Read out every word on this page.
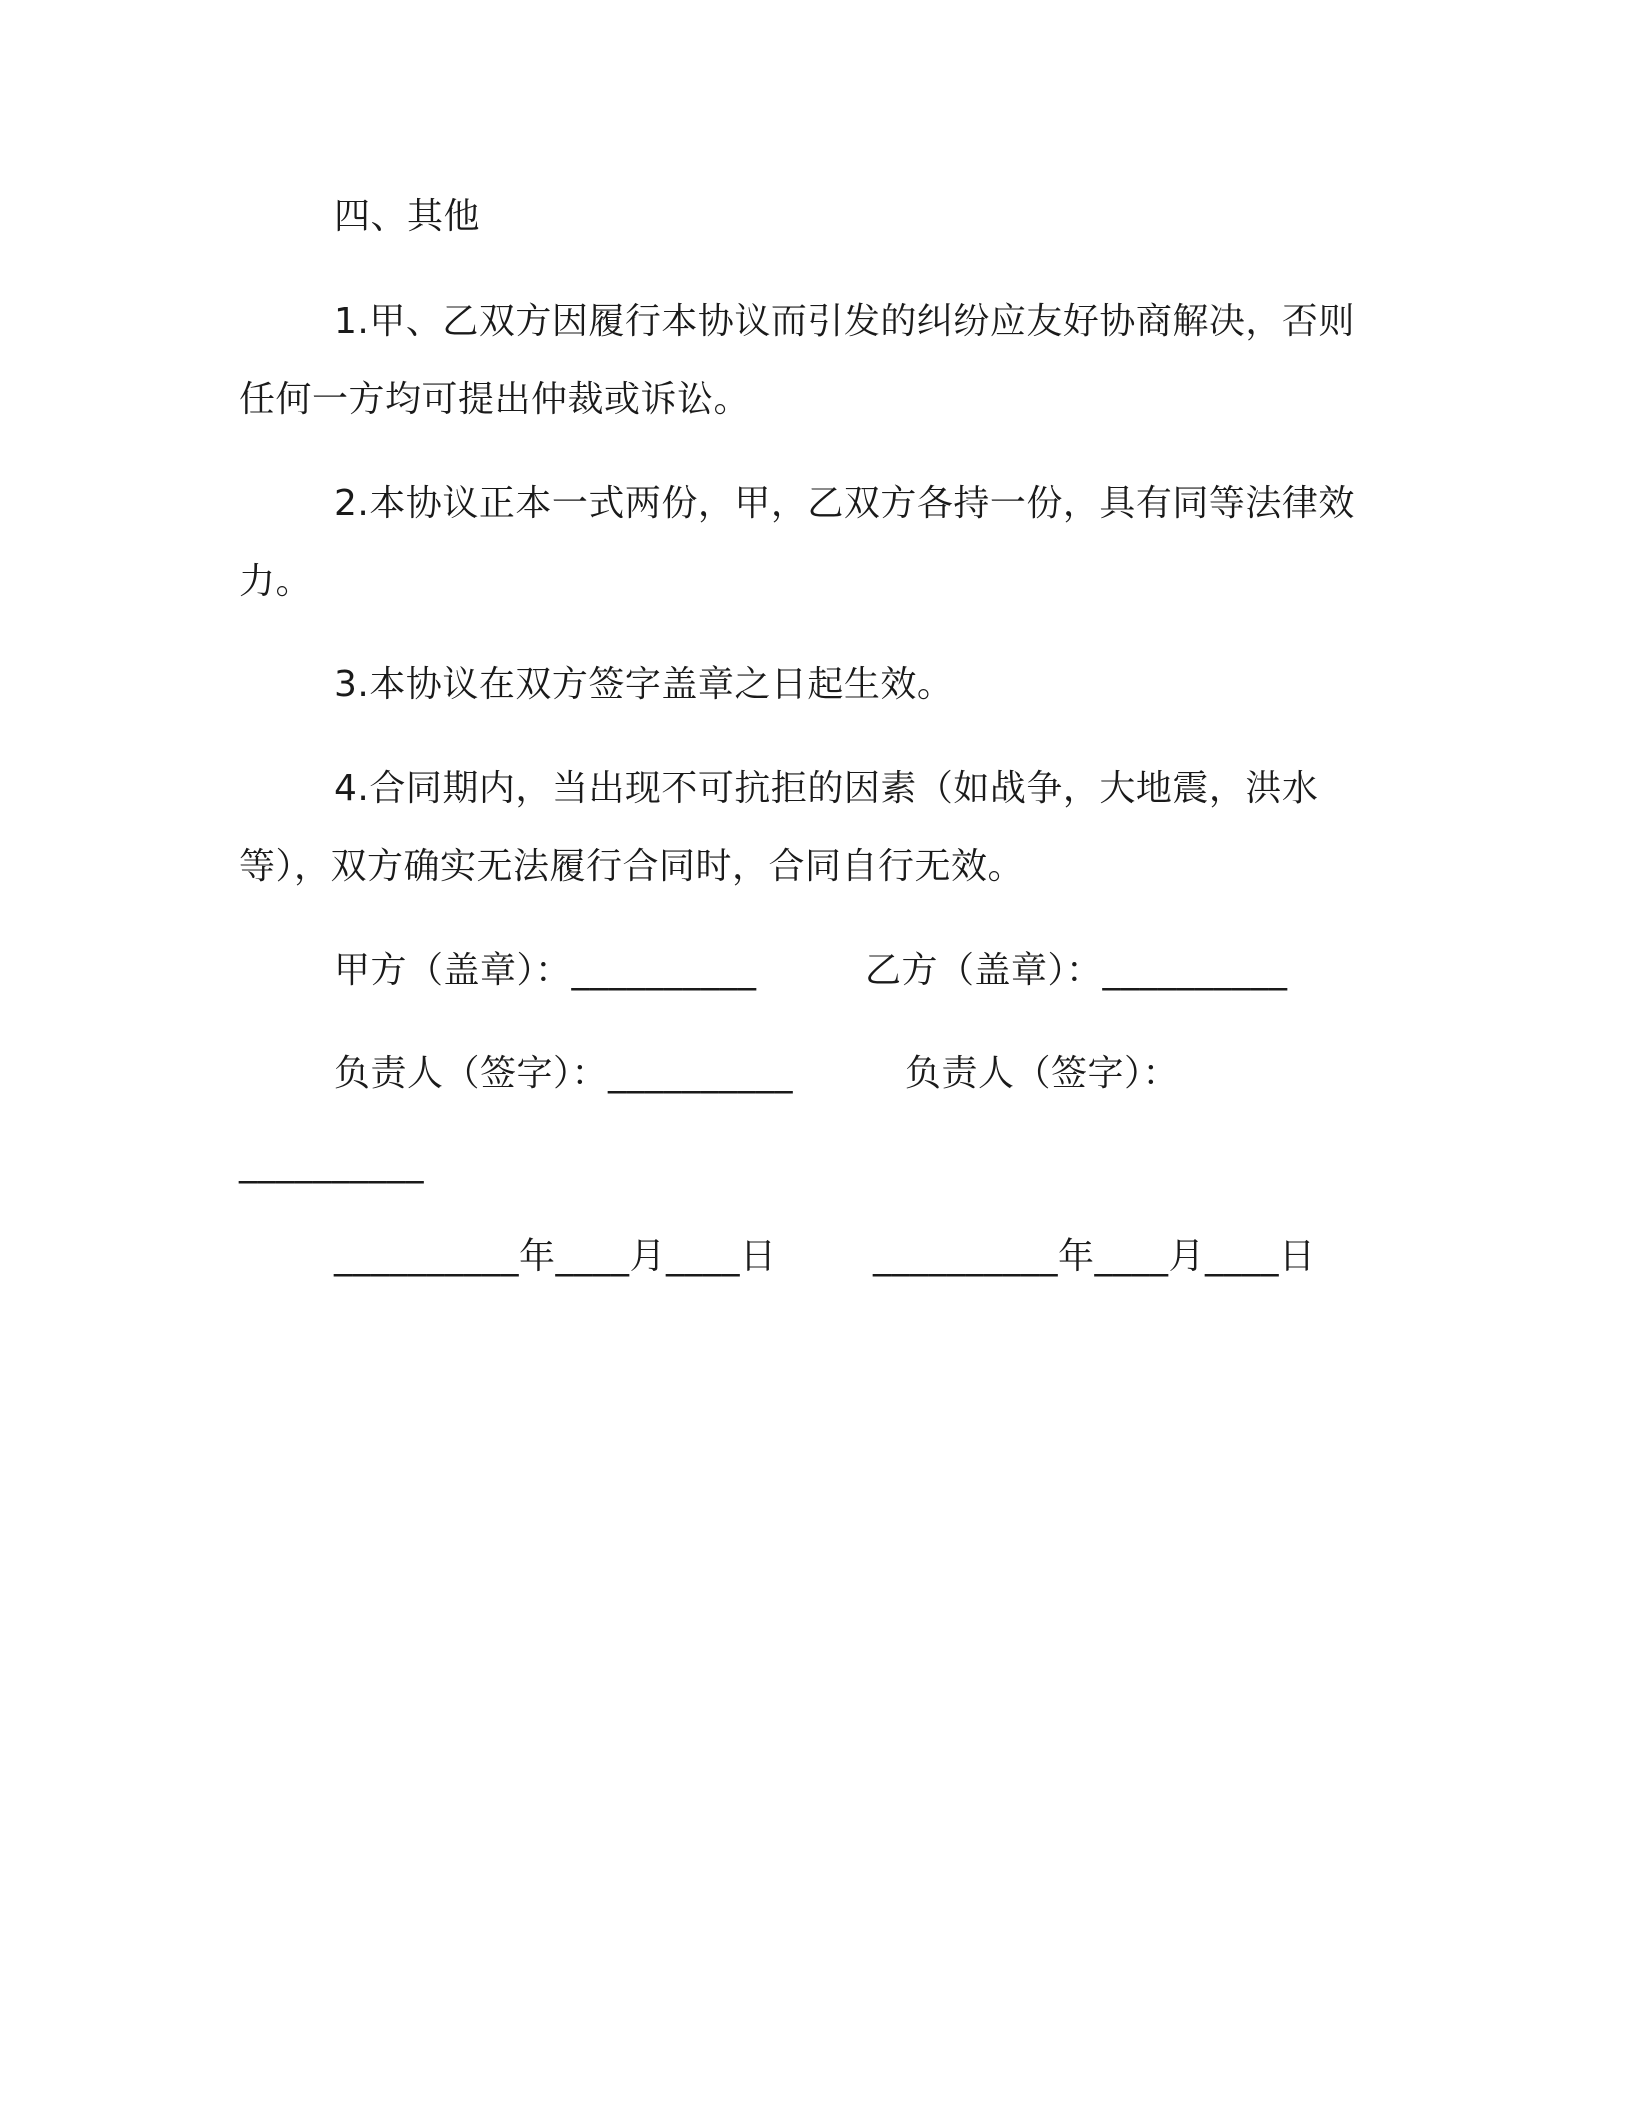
四、其他
1.甲、乙双方因履行本协议而引发的纠纷应友好协商解决，否则
任何一方均可提出仲裁或诉讼。
2.本协议正本一式两份，甲，乙双方各持一份，具有同等法律效
力。
3.本协议在双方签字盖章之日起生效。
4.合同期内，当出现不可抗拒的因素（如战争，大地震，洪水
等），双方确实无法履行合同时，合同自行无效。
甲方（盖章）：__________	乙方（盖章）：__________
负责人（签字）：__________	负责人（签字）：
__________
__________年____月____日	__________年____月____日
